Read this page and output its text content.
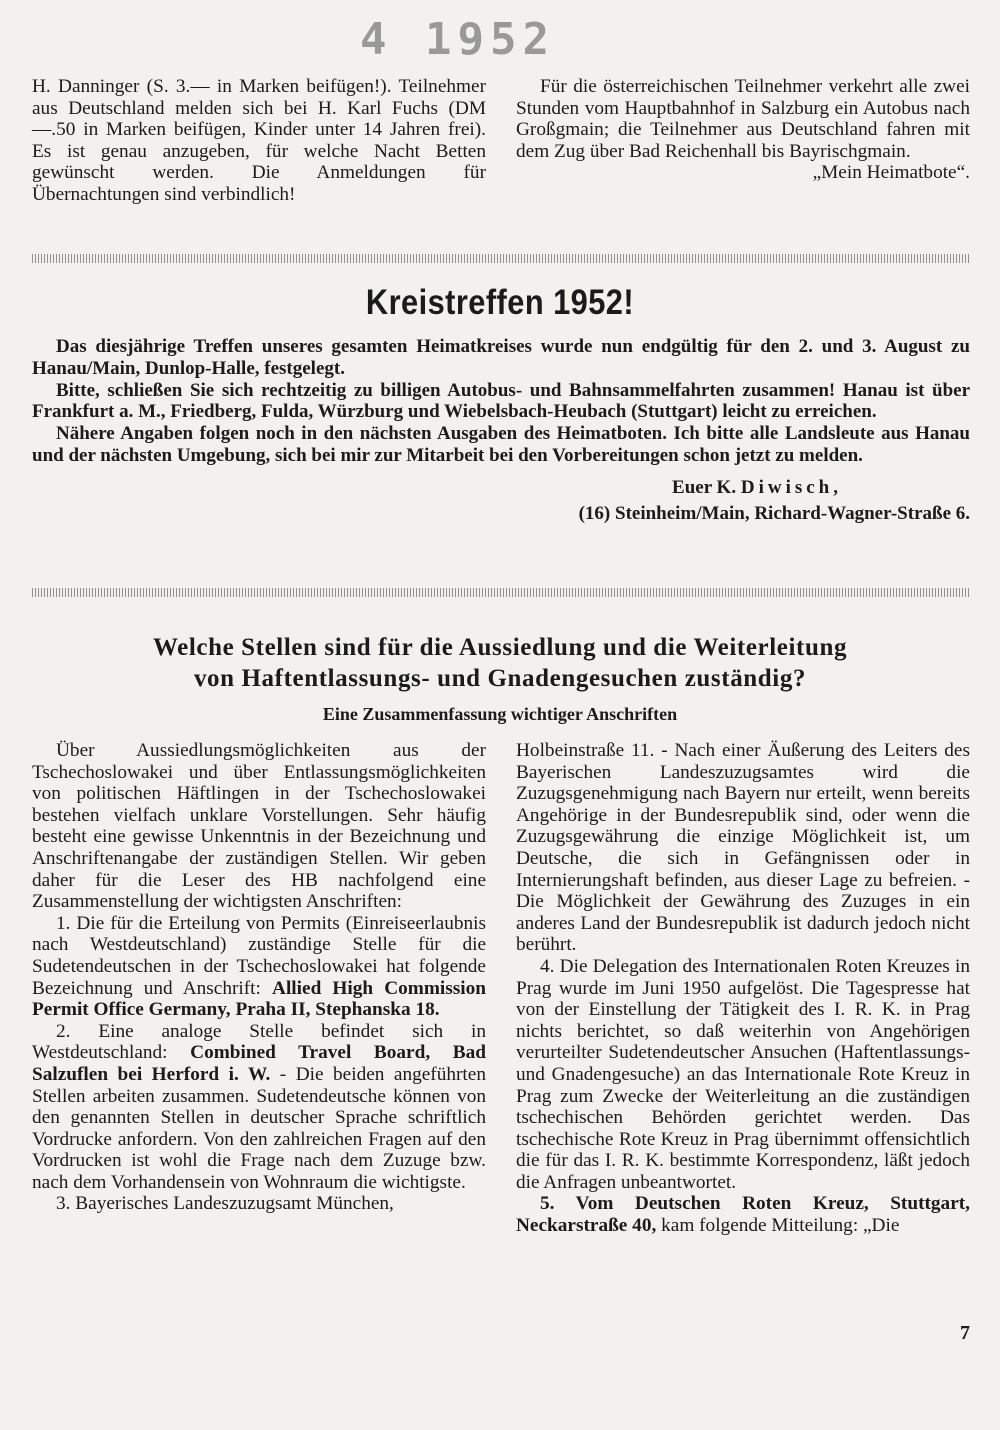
4 1952

H. Danninger (S. 3.— in Marken beifügen!). Teilnehmer aus Deutschland melden sich bei H. Karl Fuchs (DM —.50 in Marken beifügen, Kinder unter 14 Jahren frei). Es ist genau anzugeben, für welche Nacht Betten gewünscht werden. Die Anmeldungen für Übernachtungen sind verbindlich!

Für die österreichischen Teilnehmer verkehrt alle zwei Stunden vom Hauptbahnhof in Salzburg ein Autobus nach Großgmain; die Teilnehmer aus Deutschland fahren mit dem Zug über Bad Reichenhall bis Bayrischgmain.

„Mein Heimatbote“.

Kreistreffen 1952!

Das diesjährige Treffen unseres gesamten Heimatkreises wurde nun endgültig für den 2. und 3. August zu Hanau/Main, Dunlop-Halle, festgelegt.

Bitte, schließen Sie sich rechtzeitig zu billigen Autobus- und Bahnsammelfahrten zusammen! Hanau ist über Frankfurt a. M., Friedberg, Fulda, Würzburg und Wiebelsbach-Heubach (Stuttgart) leicht zu erreichen.

Nähere Angaben folgen noch in den nächsten Ausgaben des Heimatboten. Ich bitte alle Landsleute aus Hanau und der nächsten Umgebung, sich bei mir zur Mitarbeit bei den Vorbereitungen schon jetzt zu melden.

Euer K. Diwisch,

(16) Steinheim/Main, Richard-Wagner-Straße 6.

Welche Stellen sind für die Aussiedlung und die Weiterleitung
von Haftentlassungs- und Gnadengesuchen zuständig?
Eine Zusammenfassung wichtiger Anschriften

Über Aussiedlungsmöglichkeiten aus der Tschechoslowakei und über Entlassungsmöglichkeiten von politischen Häftlingen in der Tschechoslowakei bestehen vielfach unklare Vorstellungen. Sehr häufig besteht eine gewisse Unkenntnis in der Bezeichnung und Anschriftenangabe der zuständigen Stellen. Wir geben daher für die Leser des HB nachfolgend eine Zusammenstellung der wichtigsten Anschriften:

1. Die für die Erteilung von Permits (Einreiseerlaubnis nach Westdeutschland) zuständige Stelle für die Sudetendeutschen in der Tschechoslowakei hat folgende Bezeichnung und Anschrift: Allied High Commission Permit Office Germany, Praha II, Stephanska 18.

2. Eine analoge Stelle befindet sich in Westdeutschland: Combined Travel Board, Bad Salzuflen bei Herford i. W. - Die beiden angeführten Stellen arbeiten zusammen. Sudetendeutsche können von den genannten Stellen in deutscher Sprache schriftlich Vordrucke anfordern. Von den zahlreichen Fragen auf den Vordrucken ist wohl die Frage nach dem Zuzuge bzw. nach dem Vorhandensein von Wohnraum die wichtigste.

3. Bayerisches Landeszuzugsamt München,

Holbeinstraße 11. - Nach einer Äußerung des Leiters des Bayerischen Landeszuzugsamtes wird die Zuzugsgenehmigung nach Bayern nur erteilt, wenn bereits Angehörige in der Bundesrepublik sind, oder wenn die Zuzugsgewährung die einzige Möglichkeit ist, um Deutsche, die sich in Gefängnissen oder in Internierungshaft befinden, aus dieser Lage zu befreien. - Die Möglichkeit der Gewährung des Zuzuges in ein anderes Land der Bundesrepublik ist dadurch jedoch nicht berührt.

4. Die Delegation des Internationalen Roten Kreuzes in Prag wurde im Juni 1950 aufgelöst. Die Tagespresse hat von der Einstellung der Tätigkeit des I. R. K. in Prag nichts berichtet, so daß weiterhin von Angehörigen verurteilter Sudetendeutscher Ansuchen (Haftentlassungs- und Gnadengesuche) an das Internationale Rote Kreuz in Prag zum Zwecke der Weiterleitung an die zuständigen tschechischen Behörden gerichtet werden. Das tschechische Rote Kreuz in Prag übernimmt offensichtlich die für das I. R. K. bestimmte Korrespondenz, läßt jedoch die Anfragen unbeantwortet.

5. Vom Deutschen Roten Kreuz, Stuttgart, Neckarstraße 40, kam folgende Mitteilung: „Die

7
